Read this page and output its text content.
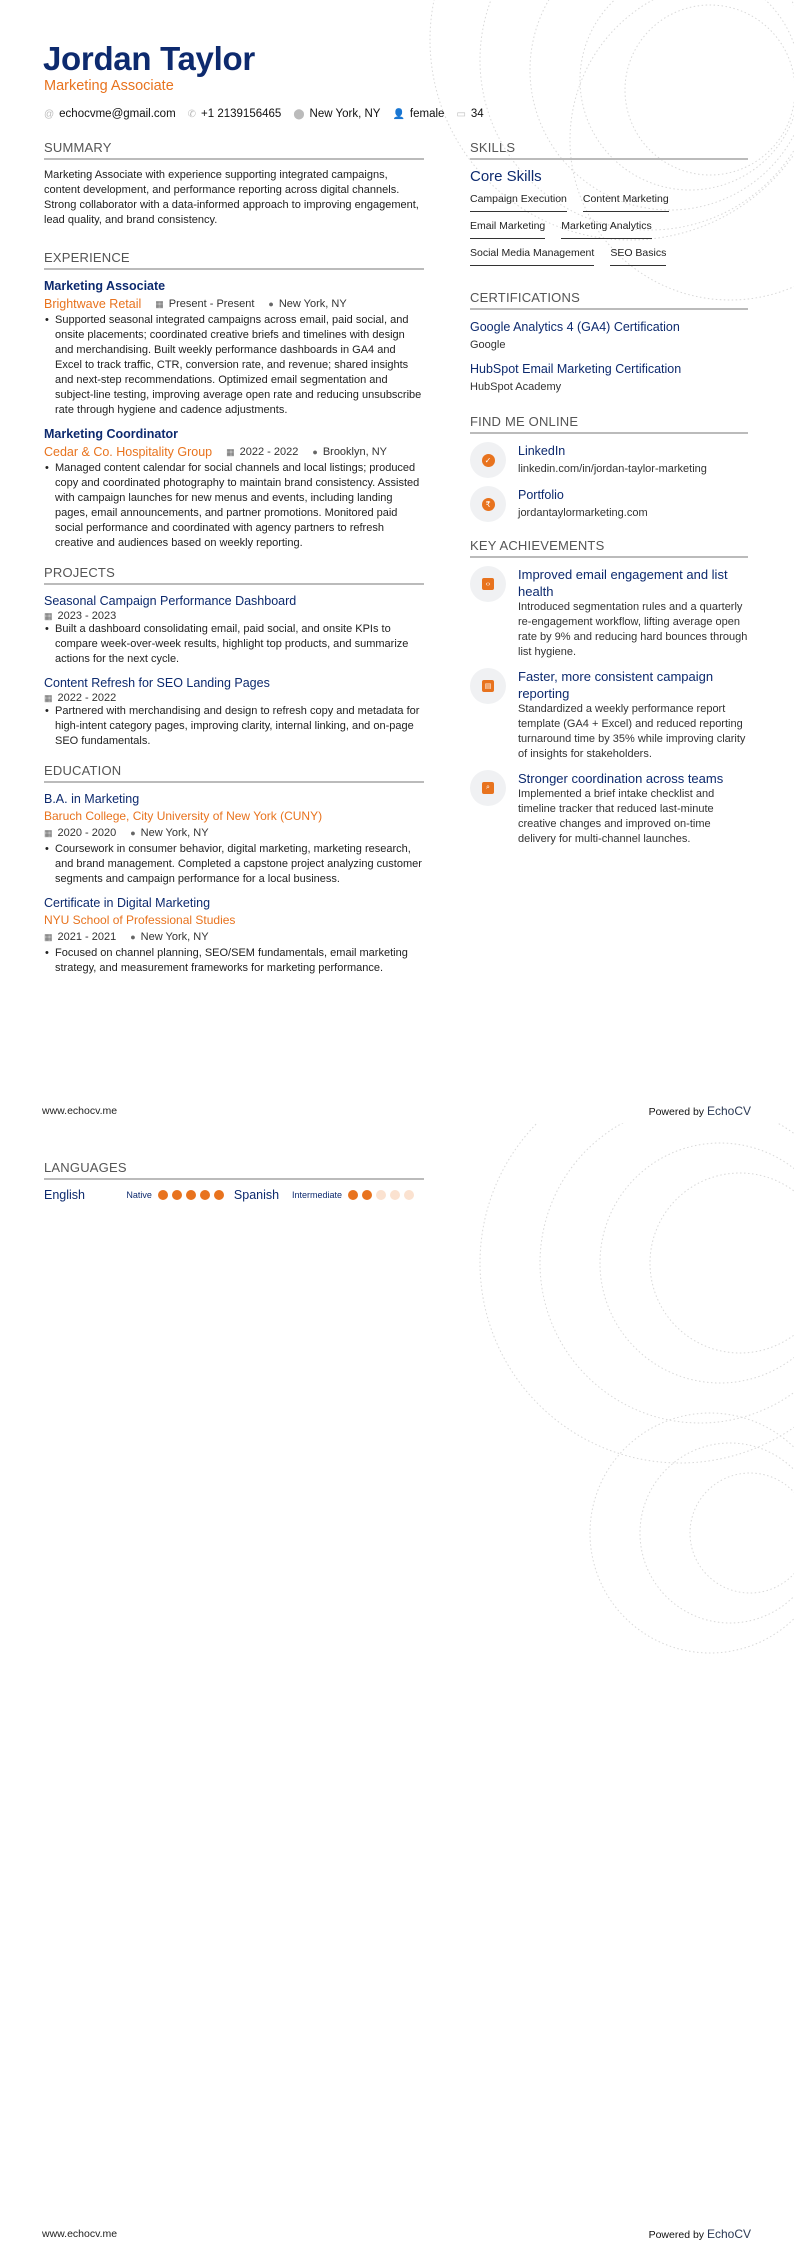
Jordan Taylor
Marketing Associate
@ echocvme@gmail.com ✆ +1 2139156465 ⬤ New York, NY 👤 female ▭ 34
SUMMARY
Marketing Associate with experience supporting integrated campaigns, content development, and performance reporting across digital channels. Strong collaborator with a data-informed approach to improving engagement, lead quality, and brand consistency.
EXPERIENCE
Marketing Associate
Brightwave Retail ▦ Present - Present ● New York, NY
• Supported seasonal integrated campaigns across email, paid social, and onsite placements; coordinated creative briefs and timelines with design and merchandising. Built weekly performance dashboards in GA4 and Excel to track traffic, CTR, conversion rate, and revenue; shared insights and next-step recommendations. Optimized email segmentation and subject-line testing, improving average open rate and reducing unsubscribe rate through hygiene and cadence adjustments.
Marketing Coordinator
Cedar & Co. Hospitality Group ▦ 2022 - 2022 ● Brooklyn, NY
• Managed content calendar for social channels and local listings; produced copy and coordinated photography to maintain brand consistency. Assisted with campaign launches for new menus and events, including landing pages, email announcements, and partner promotions. Monitored paid social performance and coordinated with agency partners to refresh creative and audiences based on weekly reporting.
PROJECTS
Seasonal Campaign Performance Dashboard
▦ 2023 - 2023
• Built a dashboard consolidating email, paid social, and onsite KPIs to compare week-over-week results, highlight top products, and summarize actions for the next cycle.
Content Refresh for SEO Landing Pages
▦ 2022 - 2022
• Partnered with merchandising and design to refresh copy and metadata for high-intent category pages, improving clarity, internal linking, and on-page SEO fundamentals.
EDUCATION
B.A. in Marketing
Baruch College, City University of New York (CUNY)
▦ 2020 - 2020 ● New York, NY
• Coursework in consumer behavior, digital marketing, marketing research, and brand management. Completed a capstone project analyzing customer segments and campaign performance for a local business.
Certificate in Digital Marketing
NYU School of Professional Studies
▦ 2021 - 2021 ● New York, NY
• Focused on channel planning, SEO/SEM fundamentals, email marketing strategy, and measurement frameworks for marketing performance.
SKILLS
Core Skills
Campaign Execution Content Marketing
Email Marketing Marketing Analytics
Social Media Management SEO Basics
CERTIFICATIONS
Google Analytics 4 (GA4) Certification
Google
HubSpot Email Marketing Certification
HubSpot Academy
FIND ME ONLINE
✓
LinkedIn
linkedin.com/in/jordan-taylor-marketing
₹
Portfolio
jordantaylormarketing.com
KEY ACHIEVEMENTS
‹›
Improved email engagement and list health
Introduced segmentation rules and a quarterly re-engagement workflow, lifting average open rate by 9% and reducing hard bounces through list hygiene.
▤
Faster, more consistent campaign reporting
Standardized a weekly performance report template (GA4 + Excel) and reduced reporting turnaround time by 35% while improving clarity of insights for stakeholders.
⌕
Stronger coordination across teams
Implemented a brief intake checklist and timeline tracker that reduced last-minute creative changes and improved on-time delivery for multi-channel launches.
www.echocv.me	Powered by EchoCV
LANGUAGES
English	Native	Spanish	Intermediate
www.echocv.me	Powered by EchoCV
